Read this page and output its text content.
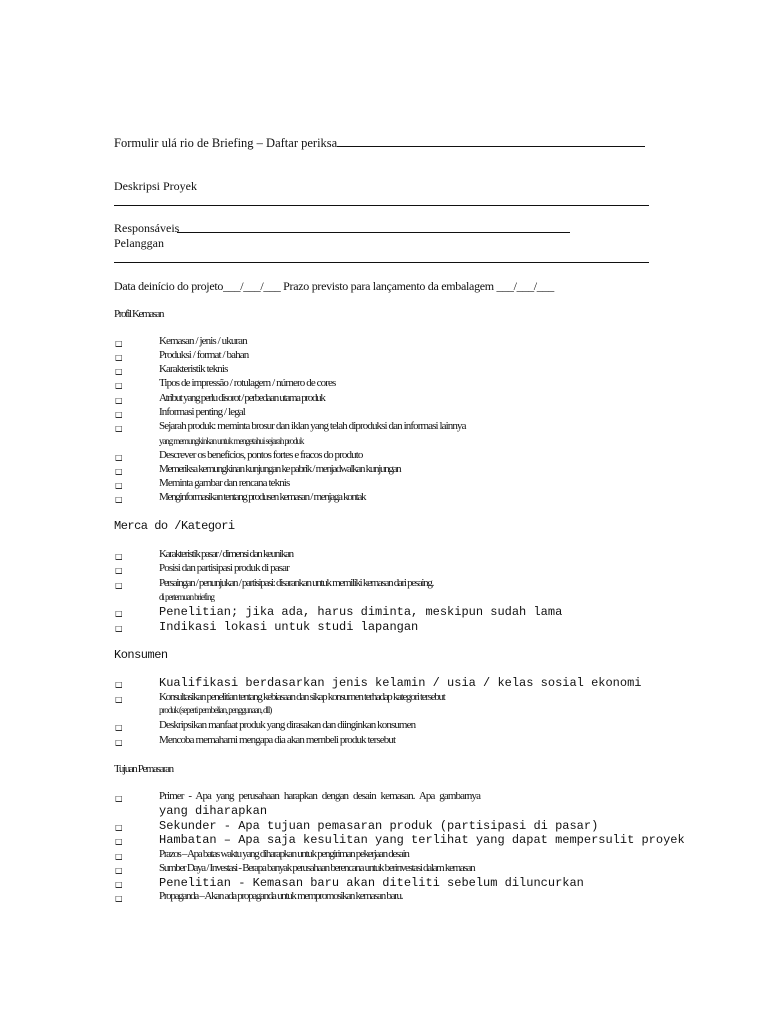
Formulir ulá rio de Briefing – Daftar periksa
Deskripsi Proyek
Responsáveis
Pelanggan
Data deinício do projeto___/___/___ Prazo previsto para lançamento da embalagem ___/___/___
Profil Kemasan
□
Kemasan / jenis / ukuran
□
Produksi / format / bahan
□
Karakteristik teknis
□
Tipos de impressão / rotulagem / número de cores
□
Atribut yang perlu disorot / perbedaan utama produk
□
Informasi penting / legal
□
Sejarah produk: meminta brosur dan iklan yang telah diproduksi dan informasi lainnya
yang memungkinkan untuk mengetahui sejarah produk
□
Descrever os benefícios, pontos fortes e fracos do produto
□
Memeriksa kemungkinan kunjungan ke pabrik / menjadwalkan kunjungan
□
Meminta gambar dan rencana teknis
□
Menginformasikan tentang produsen kemasan / menjaga kontak
Merca do /Kategori
□
Karakteristik pasar / dimensi dan keunikan
□
Posisi dan partisipasi produk di pasar
□
Persaingan / penunjukan / partisipasi: disarankan untuk memiliki kemasan dari pesaing.
di pertemuan briefing
□
Penelitian; jika ada, harus diminta, meskipun sudah lama
□
Indikasi lokasi untuk studi lapangan
Konsumen
□
Kualifikasi berdasarkan jenis kelamin / usia / kelas sosial ekonomi
□
Konsultasikan penelitian tentang kebiasaan dan sikap konsumen terhadap kategori tersebut
produk (seperti pembelian, penggunaan, dll)
□
Deskripsikan manfaat produk yang dirasakan dan diinginkan konsumen
□
Mencoba memahami mengapa dia akan membeli produk tersebut
Tujuan Pemasaran
□
Primer - Apa yang perusahaan harapkan dengan desain kemasan. Apa gambarnya
yang diharapkan
□
Sekunder - Apa tujuan pemasaran produk (partisipasi di pasar)
□
Hambatan – Apa saja kesulitan yang terlihat yang dapat mempersulit proyek
□
Prazos – Apa batas waktu yang diharapkan untuk pengiriman pekerjaan desain
□
Sumber Daya / Investasi - Berapa banyak perusahaan berencana untuk berinvestasi dalam kemasan
□
Penelitian - Kemasan baru akan diteliti sebelum diluncurkan
□
Propaganda – Akan ada propaganda untuk mempromosikan kemasan baru.
